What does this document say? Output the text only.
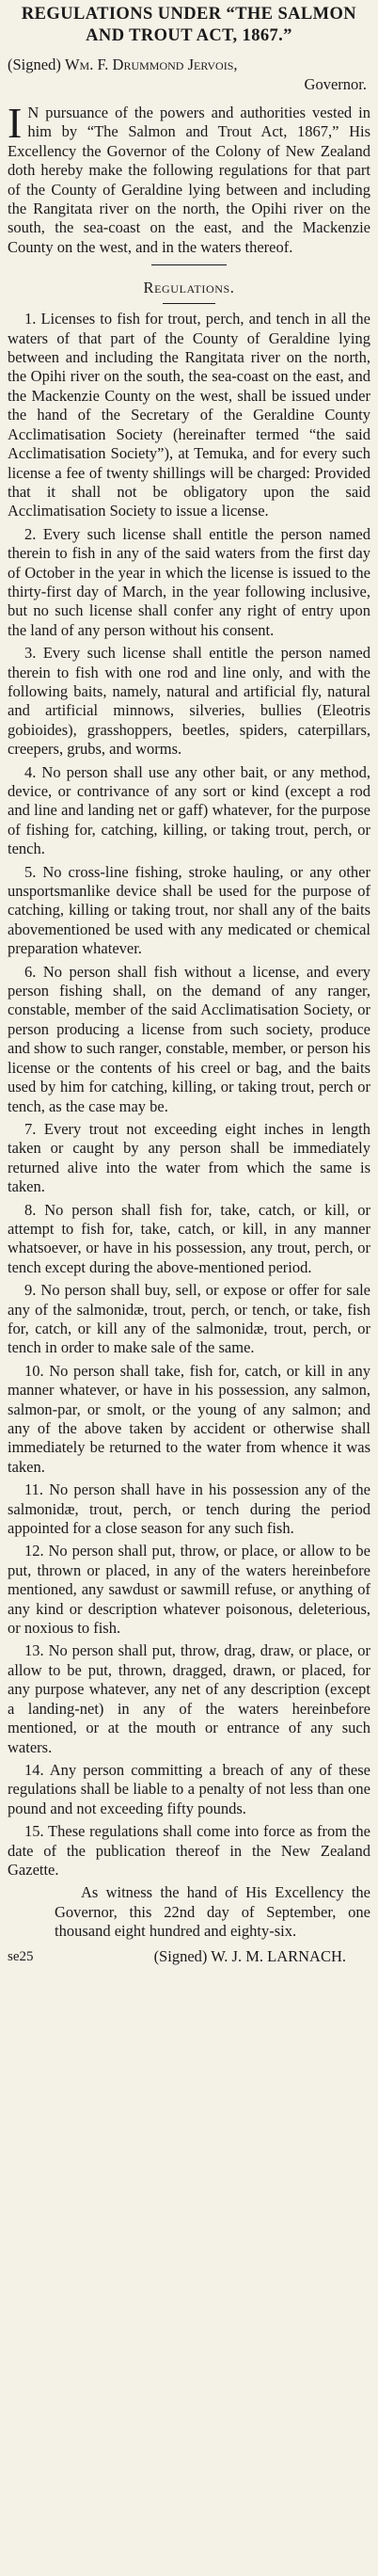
REGULATIONS UNDER “THE SALMON AND TROUT ACT, 1867.”
(Signed) Wm. F. Drummond Jervois,
Governor.

I N pursuance of the powers and authorities vested in him by “The Salmon and Trout Act, 1867,” His Excellency the Governor of the Colony of New Zealand doth hereby make the following regulations for that part of the County of Geraldine lying between and including the Rangitata river on the north, the Opihi river on the south, the sea-coast on the east, and the Mackenzie County on the west, and in the waters thereof.

Regulations.

1. Licenses to fish for trout, perch, and tench in all the waters of that part of the County of Geraldine lying between and including the Rangitata river on the north, the Opihi river on the south, the sea-coast on the east, and the Mackenzie County on the west, shall be issued under the hand of the Secretary of the Geraldine County Acclimatisation Society (hereinafter termed “the said Acclimatisation Society”), at Temuka, and for every such license a fee of twenty shillings will be charged: Provided that it shall not be obligatory upon the said Acclimatisation Society to issue a license.

2. Every such license shall entitle the person named therein to fish in any of the said waters from the first day of October in the year in which the license is issued to the thirty-first day of March, in the year following inclusive, but no such license shall confer any right of entry upon the land of any person without his consent.

3. Every such license shall entitle the person named therein to fish with one rod and line only, and with the following baits, namely, natural and artificial fly, natural and artificial minnows, silveries, bullies (Eleotris gobioides), grasshoppers, beetles, spiders, caterpillars, creepers, grubs, and worms.

4. No person shall use any other bait, or any method, device, or contrivance of any sort or kind (except a rod and line and landing net or gaff) whatever, for the purpose of fishing for, catching, killing, or taking trout, perch, or tench.

5. No cross-line fishing, stroke hauling, or any other unsportsmanlike device shall be used for the purpose of catching, killing or taking trout, nor shall any of the baits abovementioned be used with any medicated or chemical preparation whatever.

6. No person shall fish without a license, and every person fishing shall, on the demand of any ranger, constable, member of the said Acclimatisation Society, or person producing a license from such society, produce and show to such ranger, constable, member, or person his license or the contents of his creel or bag, and the baits used by him for catching, killing, or taking trout, perch or tench, as the case may be.

7. Every trout not exceeding eight inches in length taken or caught by any person shall be immediately returned alive into the water from which the same is taken.

8. No person shall fish for, take, catch, or kill, or attempt to fish for, take, catch, or kill, in any manner whatsoever, or have in his possession, any trout, perch, or tench except during the above-mentioned period.

9. No person shall buy, sell, or expose or offer for sale any of the salmonidæ, trout, perch, or tench, or take, fish for, catch, or kill any of the salmonidæ, trout, perch, or tench in order to make sale of the same.

10. No person shall take, fish for, catch, or kill in any manner whatever, or have in his possession, any salmon, salmon-par, or smolt, or the young of any salmon; and any of the above taken by accident or otherwise shall immediately be returned to the water from whence it was taken.

11. No person shall have in his possession any of the salmonidæ, trout, perch, or tench during the period appointed for a close season for any such fish.

12. No person shall put, throw, or place, or allow to be put, thrown or placed, in any of the waters hereinbefore mentioned, any sawdust or sawmill refuse, or anything of any kind or description whatever poisonous, deleterious, or noxious to fish.

13. No person shall put, throw, drag, draw, or place, or allow to be put, thrown, dragged, drawn, or placed, for any purpose whatever, any net of any description (except a landing-net) in any of the waters hereinbefore mentioned, or at the mouth or entrance of any such waters.

14. Any person committing a breach of any of these regulations shall be liable to a penalty of not less than one pound and not exceeding fifty pounds.

15. These regulations shall come into force as from the date of the publication thereof in the New Zealand Gazette.

As witness the hand of His Excellency the Governor, this 22nd day of September, one thousand eight hundred and eighty-six.

se25	(Signed) W. J. M. LARNACH.
